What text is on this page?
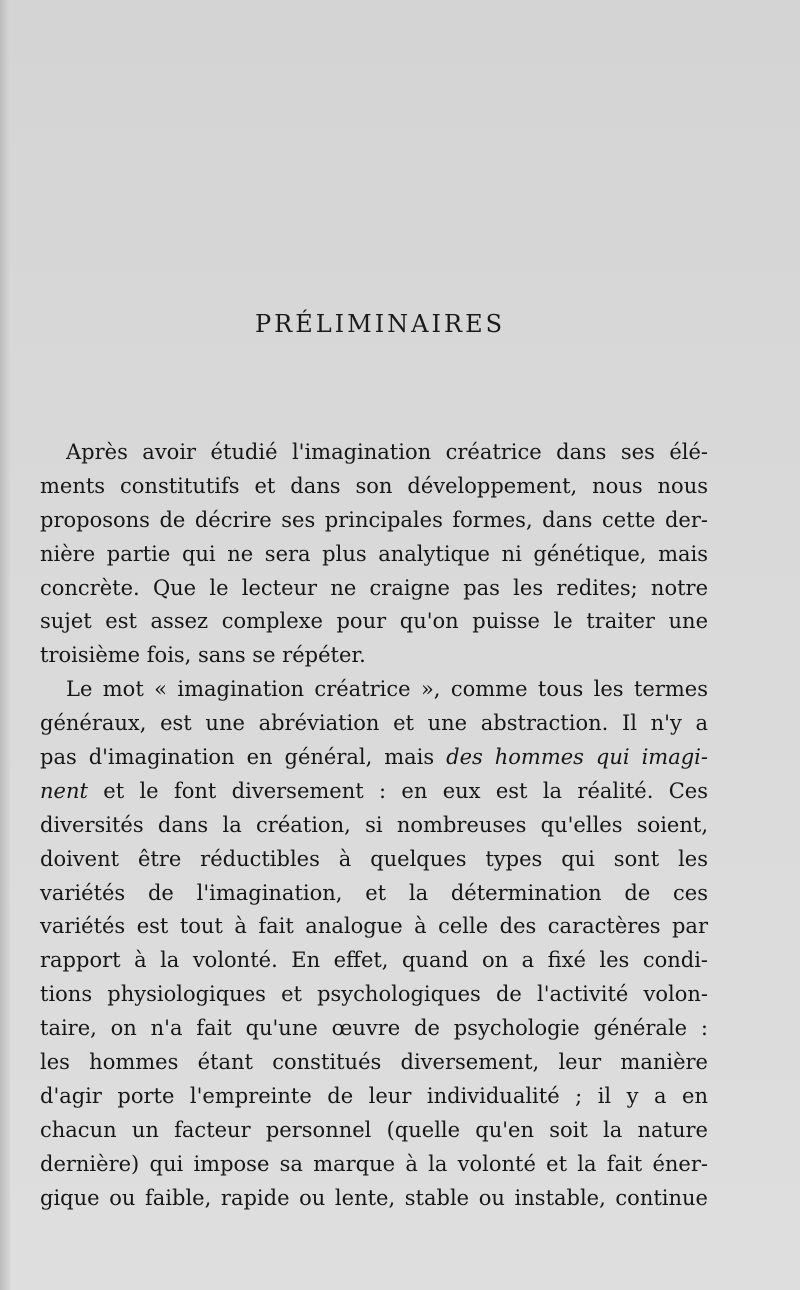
PRÉLIMINAIRES
Après avoir étudié l'imagination créatrice dans ses élé-
ments constitutifs et dans son développement, nous nous
proposons de décrire ses principales formes, dans cette der-
nière partie qui ne sera plus analytique ni génétique, mais
concrète. Que le lecteur ne craigne pas les redites; notre
sujet est assez complexe pour qu'on puisse le traiter une
troisième fois, sans se répéter.
Le mot « imagination créatrice », comme tous les termes
généraux, est une abréviation et une abstraction. Il n'y a
pas d'imagination en général, mais des hommes qui imagi-
nent et le font diversement : en eux est la réalité. Ces
diversités dans la création, si nombreuses qu'elles soient,
doivent être réductibles à quelques types qui sont les
variétés de l'imagination, et la détermination de ces
variétés est tout à fait analogue à celle des caractères par
rapport à la volonté. En effet, quand on a fixé les condi-
tions physiologiques et psychologiques de l'activité volon-
taire, on n'a fait qu'une œuvre de psychologie générale :
les hommes étant constitués diversement, leur manière
d'agir porte l'empreinte de leur individualité ; il y a en
chacun un facteur personnel (quelle qu'en soit la nature
dernière) qui impose sa marque à la volonté et la fait éner-
gique ou faible, rapide ou lente, stable ou instable, continue
